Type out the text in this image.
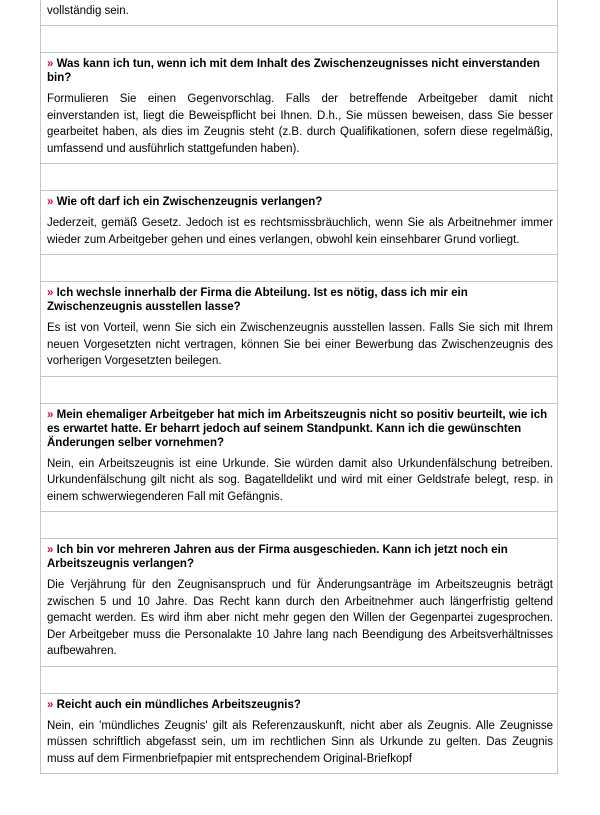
vollständig sein.

» Was kann ich tun, wenn ich mit dem Inhalt des Zwischenzeugnisses nicht einverstanden bin?

Formulieren Sie einen Gegenvorschlag. Falls der betreffende Arbeitgeber damit nicht einverstanden ist, liegt die Beweispflicht bei Ihnen. D.h., Sie müssen beweisen, dass Sie besser gearbeitet haben, als dies im Zeugnis steht (z.B. durch Qualifikationen, sofern diese regelmäßig, umfassend und ausführlich stattgefunden haben).

» Wie oft darf ich ein Zwischenzeugnis verlangen?

Jederzeit, gemäß Gesetz. Jedoch ist es rechtsmissbräuchlich, wenn Sie als Arbeitnehmer immer wieder zum Arbeitgeber gehen und eines verlangen, obwohl kein einsehbarer Grund vorliegt.

» Ich wechsle innerhalb der Firma die Abteilung. Ist es nötig, dass ich mir ein Zwischenzeugnis ausstellen lasse?

Es ist von Vorteil, wenn Sie sich ein Zwischenzeugnis ausstellen lassen. Falls Sie sich mit Ihrem neuen Vorgesetzten nicht vertragen, können Sie bei einer Bewerbung das Zwischenzeugnis des vorherigen Vorgesetzten beilegen.

» Mein ehemaliger Arbeitgeber hat mich im Arbeitszeugnis nicht so positiv beurteilt, wie ich es erwartet hatte. Er beharrt jedoch auf seinem Standpunkt. Kann ich die gewünschten Änderungen selber vornehmen?

Nein, ein Arbeitszeugnis ist eine Urkunde. Sie würden damit also Urkundenfälschung betreiben. Urkundenfälschung gilt nicht als sog. Bagatelldelikt und wird mit einer Geldstrafe belegt, resp. in einem schwerwiegenderen Fall mit Gefängnis.

» Ich bin vor mehreren Jahren aus der Firma ausgeschieden. Kann ich jetzt noch ein Arbeitszeugnis verlangen?

Die Verjährung für den Zeugnisanspruch und für Änderungsanträge im Arbeitszeugnis beträgt zwischen 5 und 10 Jahre. Das Recht kann durch den Arbeitnehmer auch längerfristig geltend gemacht werden. Es wird ihm aber nicht mehr gegen den Willen der Gegenpartei zugesprochen. Der Arbeitgeber muss die Personalakte 10 Jahre lang nach Beendigung des Arbeitsverhältnisses aufbewahren.

» Reicht auch ein mündliches Arbeitszeugnis?

Nein, ein 'mündliches Zeugnis' gilt als Referenzauskunft, nicht aber als Zeugnis. Alle Zeugnisse müssen schriftlich abgefasst sein, um im rechtlichen Sinn als Urkunde zu gelten. Das Zeugnis muss auf dem Firmenbriefpapier mit entsprechendem Original-Briefkopf
